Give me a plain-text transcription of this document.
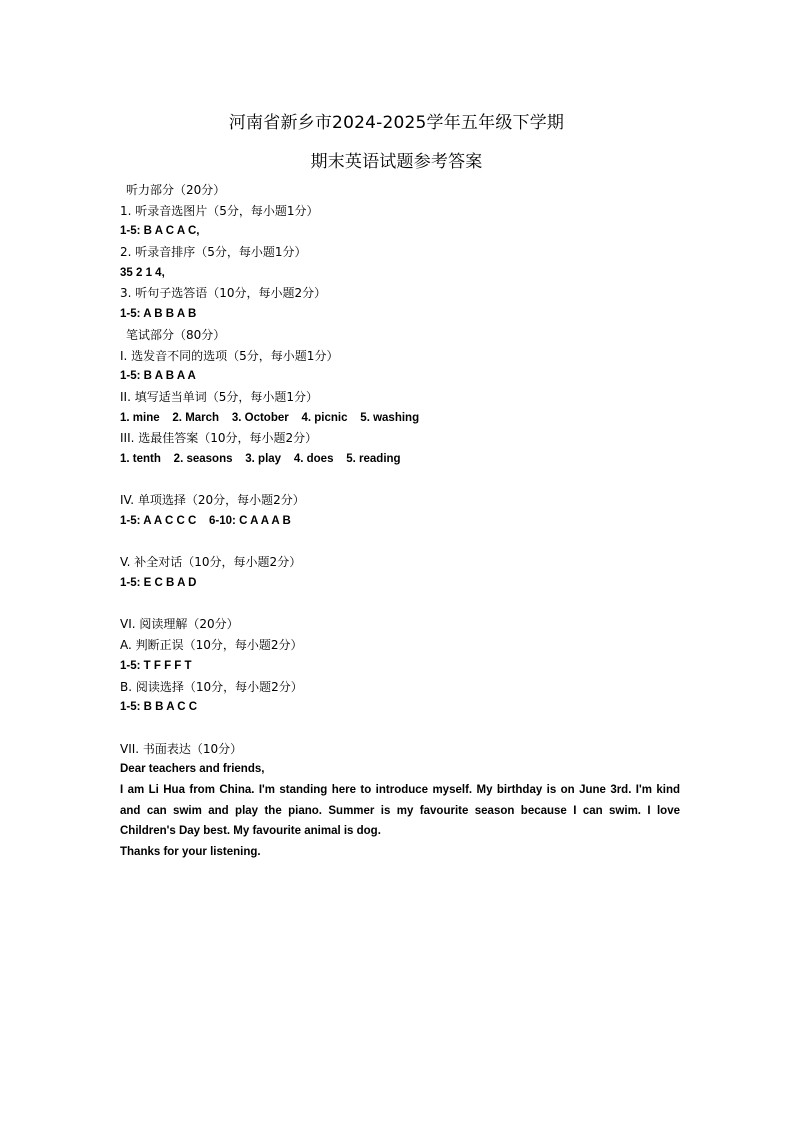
河南省新乡市2024-2025学年五年级下学期
期末英语试题参考答案
听力部分（20分）
1. 听录音选图片（5分，每小题1分）
1-5: B A C A C,
2. 听录音排序（5分，每小题1分）
35 2 1 4,
3. 听句子选答语（10分，每小题2分）
1-5: A B B A B
笔试部分（80分）
I. 选发音不同的选项（5分，每小题1分）
1-5: B A B A A
II. 填写适当单词（5分，每小题1分）
1. mine    2. March    3. October    4. picnic    5. washing
III. 选最佳答案（10分，每小题2分）
1. tenth    2. seasons    3. play    4. does    5. reading
IV. 单项选择（20分，每小题2分）
1-5: A A C C C    6-10: C A A A B
V. 补全对话（10分，每小题2分）
1-5: E C B A D
VI. 阅读理解（20分）
A. 判断正误（10分，每小题2分）
1-5: T F F F T
B. 阅读选择（10分，每小题2分）
1-5: B B A C C
VII. 书面表达（10分）
Dear teachers and friends,
I am Li Hua from China. I'm standing here to introduce myself. My birthday is on June 3rd. I'm kind and can swim and play the piano. Summer is my favourite season because I can swim. I love Children's Day best. My favourite animal is dog.
Thanks for your listening.
